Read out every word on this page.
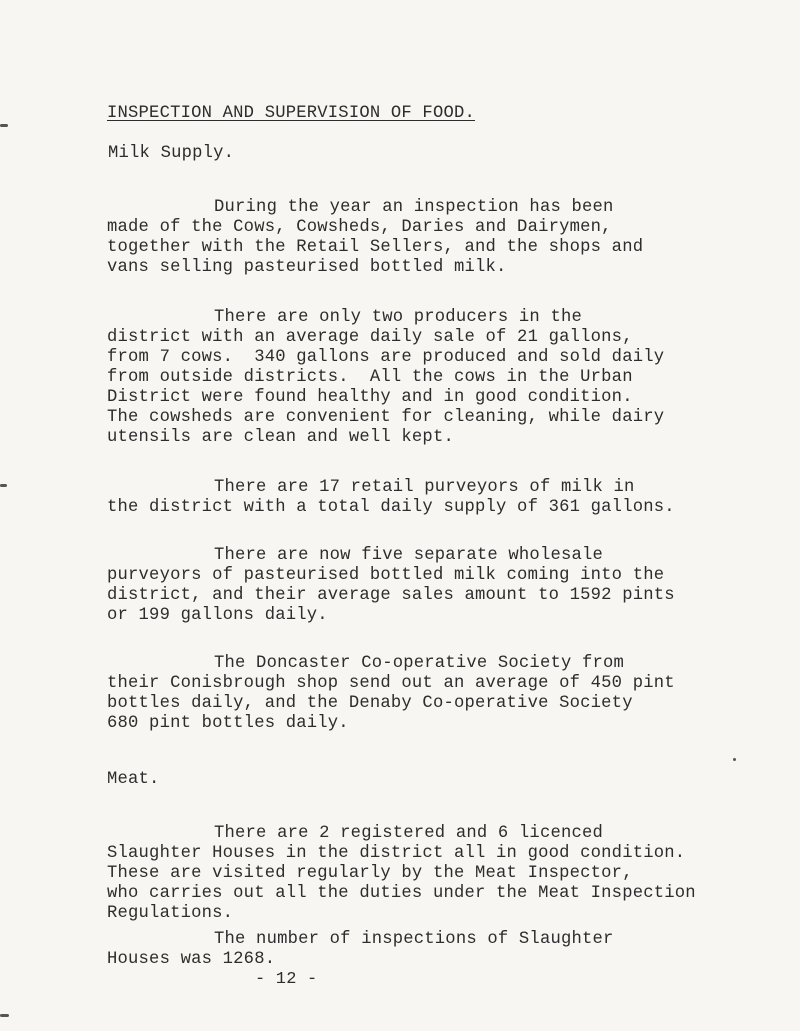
INSPECTION AND SUPERVISION OF FOOD.
Milk Supply.
During the year an inspection has been
made of the Cows, Cowsheds, Daries and Dairymen,
together with the Retail Sellers, and the shops and
vans selling pasteurised bottled milk.
There are only two producers in the
district with an average daily sale of 21 gallons,
from 7 cows.  340 gallons are produced and sold daily
from outside districts.  All the cows in the Urban
District were found healthy and in good condition.
The cowsheds are convenient for cleaning, while dairy
utensils are clean and well kept.
There are 17 retail purveyors of milk in
the district with a total daily supply of 361 gallons.
There are now five separate wholesale
purveyors of pasteurised bottled milk coming into the
district, and their average sales amount to 1592 pints
or 199 gallons daily.
The Doncaster Co-operative Society from
their Conisbrough shop send out an average of 450 pint
bottles daily, and the Denaby Co-operative Society
680 pint bottles daily.
Meat.
There are 2 registered and 6 licenced
Slaughter Houses in the district all in good condition.
These are visited regularly by the Meat Inspector,
who carries out all the duties under the Meat Inspection
Regulations.
The number of inspections of Slaughter
Houses was 1268.
- 12 -
